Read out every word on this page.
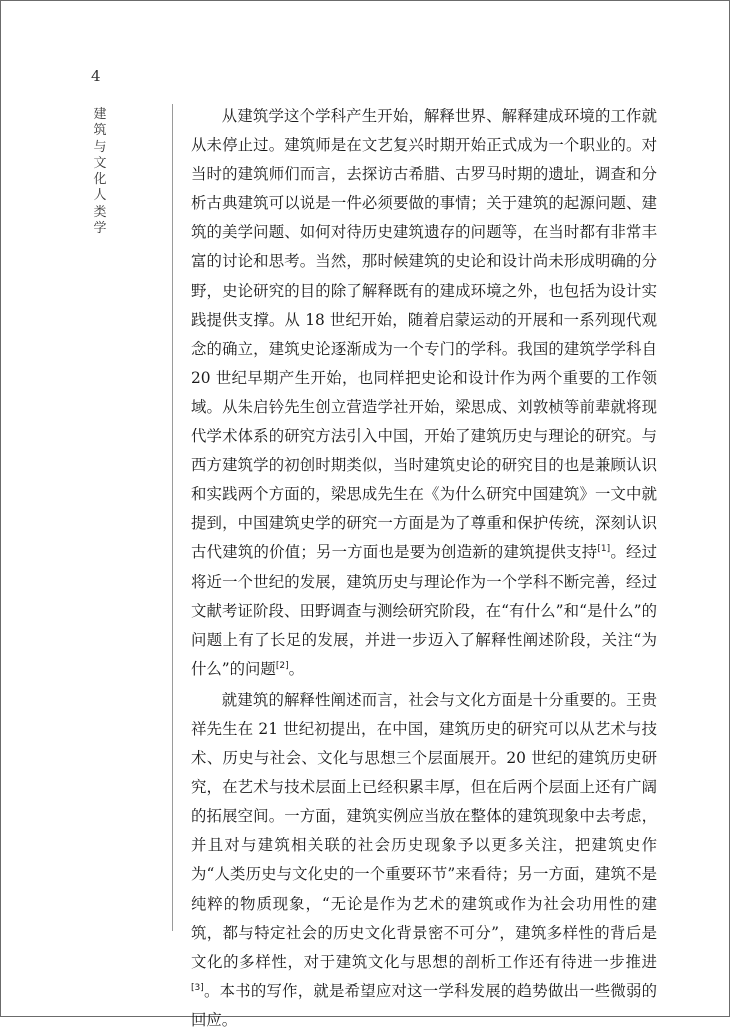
4
建
筑
与
文
化
人
类
学

从建筑学这个学科产生开始，解释世界、解释建成环境的工作就从未停止过。建筑师是在文艺复兴时期开始正式成为一个职业的。对当时的建筑师们而言，去探访古希腊、古罗马时期的遗址，调查和分析古典建筑可以说是一件必须要做的事情；关于建筑的起源问题、建筑的美学问题、如何对待历史建筑遗存的问题等，在当时都有非常丰富的讨论和思考。当然，那时候建筑的史论和设计尚未形成明确的分野，史论研究的目的除了解释既有的建成环境之外，也包括为设计实践提供支撑。从 18 世纪开始，随着启蒙运动的开展和一系列现代观念的确立，建筑史论逐渐成为一个专门的学科。我国的建筑学学科自 20 世纪早期产生开始，也同样把史论和设计作为两个重要的工作领域。从朱启钤先生创立营造学社开始，梁思成、刘敦桢等前辈就将现代学术体系的研究方法引入中国，开始了建筑历史与理论的研究。与西方建筑学的初创时期类似，当时建筑史论的研究目的也是兼顾认识和实践两个方面的，梁思成先生在《为什么研究中国建筑》一文中就提到，中国建筑史学的研究一方面是为了尊重和保护传统，深刻认识古代建筑的价值；另一方面也是要为创造新的建筑提供支持[1]。经过将近一个世纪的发展，建筑历史与理论作为一个学科不断完善，经过文献考证阶段、田野调查与测绘研究阶段，在“有什么”和“是什么”的问题上有了长足的发展，并进一步迈入了解释性阐述阶段，关注“为什么”的问题[2]。

就建筑的解释性阐述而言，社会与文化方面是十分重要的。王贵祥先生在 21 世纪初提出，在中国，建筑历史的研究可以从艺术与技术、历史与社会、文化与思想三个层面展开。20 世纪的建筑历史研究，在艺术与技术层面上已经积累丰厚，但在后两个层面上还有广阔的拓展空间。一方面，建筑实例应当放在整体的建筑现象中去考虑，并且对与建筑相关联的社会历史现象予以更多关注，把建筑史作为“人类历史与文化史的一个重要环节”来看待；另一方面，建筑不是纯粹的物质现象，“无论是作为艺术的建筑或作为社会功用性的建筑，都与特定社会的历史文化背景密不可分”，建筑多样性的背后是文化的多样性，对于建筑文化与思想的剖析工作还有待进一步推进[3]。本书的写作，就是希望应对这一学科发展的趋势做出一些微弱的回应。
